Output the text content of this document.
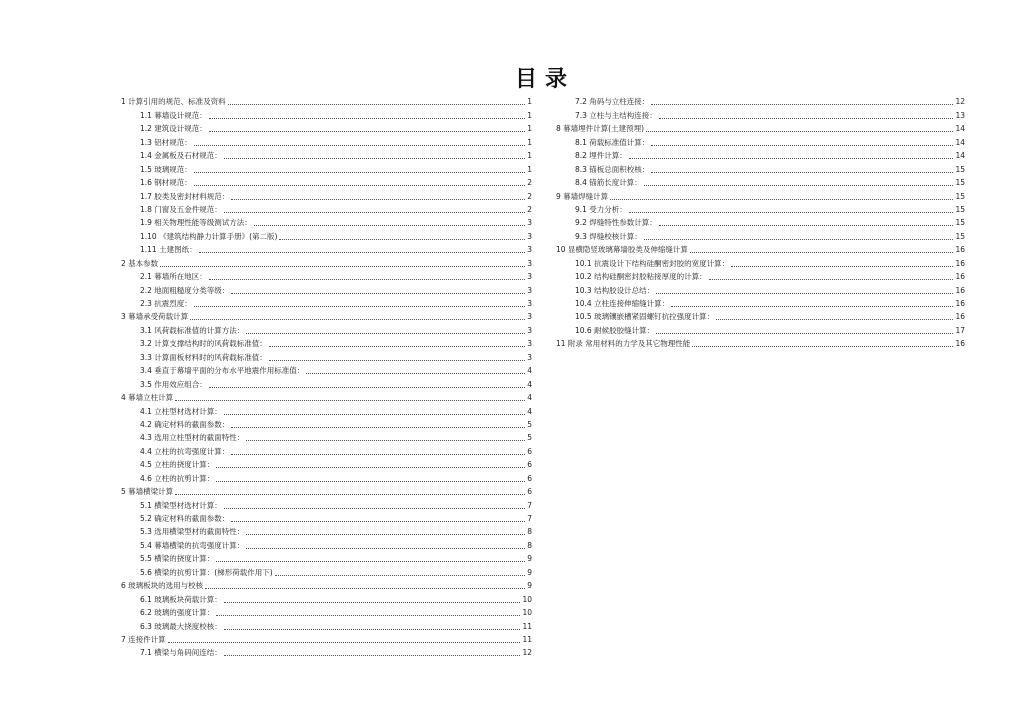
目录
1 计算引用的规范、标准及资料	1
1.1 幕墙设计规范：	1
1.2 建筑设计规范：	1
1.3 铝材规范：	1
1.4 金属板及石材规范：	1
1.5 玻璃规范：	1
1.6 钢材规范：	2
1.7 胶类及密封材料规范：	2
1.8 门窗及五金件规范：	2
1.9 相关物理性能等级测试方法：	3
1.10 《建筑结构静力计算手册》(第二版)	3
1.11 土建图纸：	3
2 基本参数	3
2.1 幕墙所在地区：	3
2.2 地面粗糙度分类等级：	3
2.3 抗震烈度：	3
3 幕墙承受荷载计算	3
3.1 风荷载标准值的计算方法：	3
3.2 计算支撑结构时的风荷载标准值：	3
3.3 计算面板材料时的风荷载标准值：	3
3.4 垂直于幕墙平面的分布水平地震作用标准值：	4
3.5 作用效应组合：	4
4 幕墙立柱计算	4
4.1 立柱型材选材计算：	4
4.2 确定材料的截面参数：	5
4.3 选用立柱型材的截面特性：	5
4.4 立柱的抗弯强度计算：	6
4.5 立柱的挠度计算：	6
4.6 立柱的抗剪计算：	6
5 幕墙横梁计算	6
5.1 横梁型材选材计算：	7
5.2 确定材料的截面参数：	7
5.3 选用横梁型材的截面特性：	8
5.4 幕墙横梁的抗弯强度计算：	8
5.5 横梁的挠度计算：	9
5.6 横梁的抗剪计算：(梯形荷载作用下)	9
6 玻璃板块的选用与校核	9
6.1 玻璃板块荷载计算：	10
6.2 玻璃的强度计算：	10
6.3 玻璃最大挠度校核：	11
7 连接件计算	11
7.1 横梁与角码间连结：	12
7.2 角码与立柱连接：	12
7.3 立柱与主结构连接：	13
8 幕墙埋件计算(土建预埋)	14
8.1 荷载标准值计算：	14
8.2 埋件计算：	14
8.3 锚板总面积校核：	15
8.4 锚筋长度计算：	15
9 幕墙焊缝计算	15
9.1 受力分析：	15
9.2 焊缝特性参数计算：	15
9.3 焊缝校核计算：	15
10 显横隐竖玻璃幕墙胶类及伸缩缝计算	16
10.1 抗震设计下结构硅酮密封胶的宽度计算：	16
10.2 结构硅酮密封胶粘接厚度的计算：	16
10.3 结构胶设计总结：	16
10.4 立柱连接伸缩缝计算：	16
10.5 玻璃镶嵌槽紧固螺钉抗拉强度计算：	16
10.6 耐候胶胶缝计算：	17
11 附录 常用材料的力学及其它物理性能	16
